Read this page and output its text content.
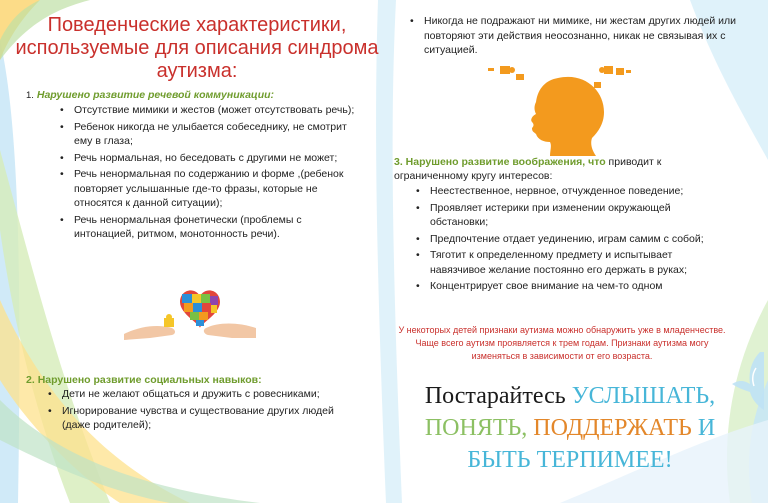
Поведенческие характеристики, используемые для описания синдрома аутизма:
1. Нарушено развитие речевой коммуникации:
• Отсутствие мимики и жестов (может отсутствовать речь);
• Ребенок никогда не улыбается собеседнику, не смотрит ему в глаза;
• Речь нормальная, но беседовать с другими не может;
• Речь ненормальная по содержанию и форме ,(ребенок повторяет услышанные где-то фразы, которые не относятся к данной ситуации);
• Речь ненормальная фонетически (проблемы с интонацией, ритмом, монотонность речи).
2. Нарушено развитие социальных навыков:
• Дети не желают общаться и дружить с ровесниками;
• Игнорирование чувства и существование других людей (даже родителей);
• Никогда не подражают ни мимике, ни жестам других людей или повторяют эти действия неосознанно, никак не связывая их с ситуацией.
3. Нарушено развитие воображения, что приводит к ограниченному кругу интересов:
• Неестественное, нервное, отчужденное поведение;
• Проявляет истерики при изменении окружающей обстановки;
• Предпочтение отдает уединению, играм самим с собой;
• Тяготит к определенному предмету и испытывает навязчивое желание постоянно его держать в руках;
• Концентрирует свое внимание на чем-то одном
У некоторых детей признаки аутизма можно обнаружить уже в младенчестве. Чаще всего аутизм проявляется к трем годам. Признаки аутизма могу изменяться в зависимости от его возраста.
Постарайтесь УСЛЫШАТЬ,
ПОНЯТЬ, ПОДДЕРЖАТЬ И
БЫТЬ ТЕРПИМЕЕ!
